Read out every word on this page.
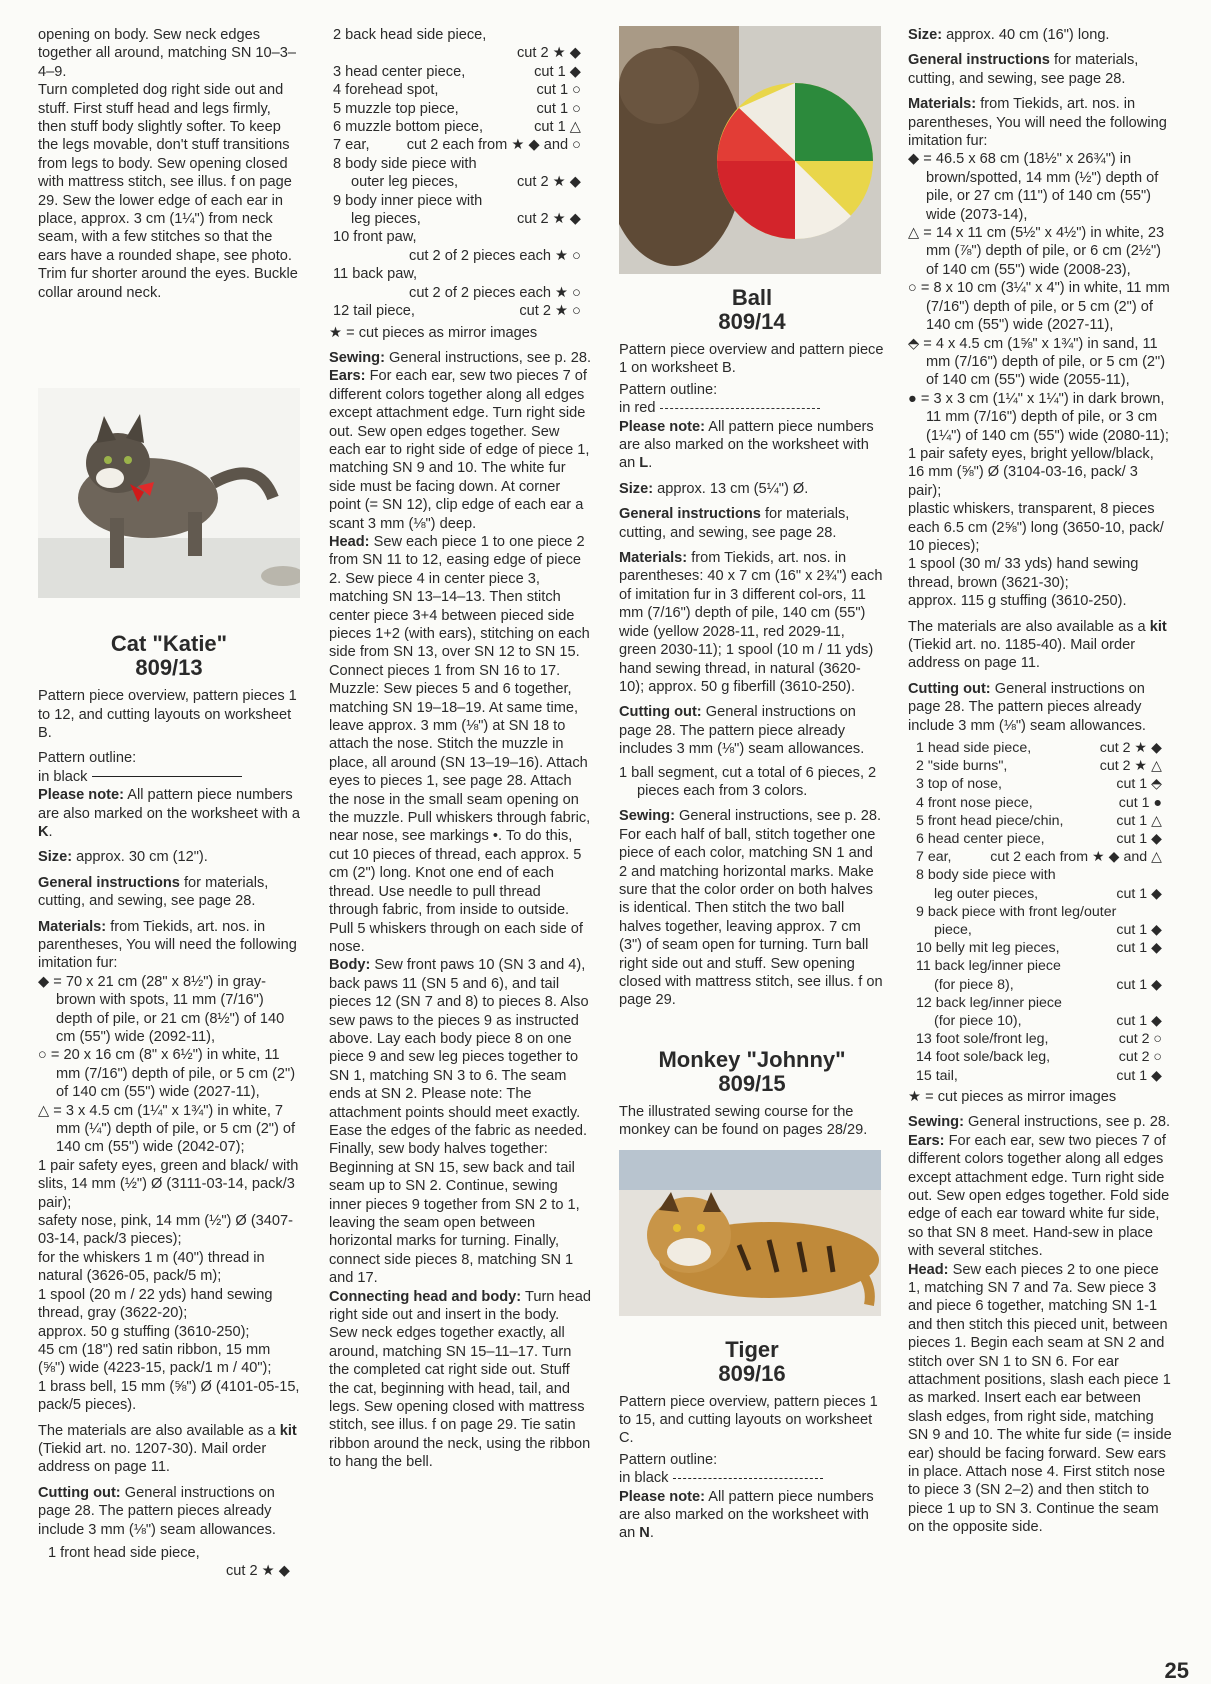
opening on body. Sew neck edges together all around, matching SN 10–3–4–9.

Turn completed dog right side out and stuff. First stuff head and legs firmly, then stuff body slightly softer. To keep the legs movable, don't stuff transitions from legs to body. Sew opening closed with mattress stitch, see illus. f on page 29. Sew the lower edge of each ear in place, approx. 3 cm (1¼") from neck seam, with a few stitches so that the ears have a rounded shape, see photo. Trim fur shorter around the eyes. Buckle collar around neck.

Cat "Katie"

809/13

Pattern piece overview, pattern pieces 1 to 12, and cutting layouts on worksheet B.

Pattern outline:

in black

Please note: All pattern piece numbers are also marked on the worksheet with a K.

Size: approx. 30 cm (12").

General instructions for materials, cutting, and sewing, see page 28.

Materials: from Tiekids, art. nos. in parentheses, You will need the following imitation fur:

◆ = 70 x 21 cm (28" x 8½") in gray-brown with spots, 11 mm (7/16") depth of pile, or 21 cm (8½") of 140 cm (55") wide (2092-11),

○ = 20 x 16 cm (8" x 6½") in white, 11 mm (7/16") depth of pile, or 5 cm (2") of 140 cm (55") wide (2027-11),

△ = 3 x 4.5 cm (1¼" x 1¾") in white, 7 mm (¼") depth of pile, or 5 cm (2") of 140 cm (55") wide (2042-07);

1 pair safety eyes, green and black/ with slits, 14 mm (½") Ø (3111-03-14, pack/3 pair);

safety nose, pink, 14 mm (½") Ø (3407-03-14, pack/3 pieces);

for the whiskers 1 m (40") thread in natural (3626-05, pack/5 m);

1 spool (20 m / 22 yds) hand sewing thread, gray (3622-20);

approx. 50 g stuffing (3610-250);

45 cm (18") red satin ribbon, 15 mm (⅝") wide (4223-15, pack/1 m / 40");

1 brass bell, 15 mm (⅝") Ø (4101-05-15, pack/5 pieces).

The materials are also available as a kit (Tiekid art. no. 1207-30). Mail order address on page 11.

Cutting out: General instructions on page 28. The pattern pieces already include 3 mm (⅛") seam allowances.

1 front head side piece,

cut 2 ★ ◆

2 back head side piece,
cut 2 ★ ◆
3 head center piece,	cut 1 ◆
4 forehead spot,	cut 1 ○
5 muzzle top piece,	cut 1 ○
6 muzzle bottom piece,	cut 1 △
7 ear,	cut 2 each from ★ ◆ and ○
8 body side piece with
outer leg pieces,	cut 2 ★ ◆
9 body inner piece with
leg pieces,	cut 2 ★ ◆
10 front paw,
cut 2 of 2 pieces each ★ ○
11 back paw,
cut 2 of 2 pieces each ★ ○
12 tail piece,	cut 2 ★ ○

★ = cut pieces as mirror images

Sewing: General instructions, see p. 28.

Ears: For each ear, sew two pieces 7 of different colors together along all edges except attachment edge. Turn right side out. Sew open edges together. Sew each ear to right side of edge of piece 1, matching SN 9 and 10. The white fur side must be facing down. At corner point (= SN 12), clip edge of each ear a scant 3 mm (⅛") deep.

Head: Sew each piece 1 to one piece 2 from SN 11 to 12, easing edge of piece 2. Sew piece 4 in center piece 3, matching SN 13–14–13. Then stitch center piece 3+4 between pieced side pieces 1+2 (with ears), stitching on each side from SN 13, over SN 12 to SN 15. Connect pieces 1 from SN 16 to 17. Muzzle: Sew pieces 5 and 6 together, matching SN 19–18–19. At same time, leave approx. 3 mm (⅛") at SN 18 to attach the nose. Stitch the muzzle in place, all around (SN 13–19–16). Attach eyes to pieces 1, see page 28. Attach the nose in the small seam opening on the muzzle. Pull whiskers through fabric, near nose, see markings •. To do this, cut 10 pieces of thread, each approx. 5 cm (2") long. Knot one end of each thread. Use needle to pull thread through fabric, from inside to outside. Pull 5 whiskers through on each side of nose.

Body: Sew front paws 10 (SN 3 and 4), back paws 11 (SN 5 and 6), and tail pieces 12 (SN 7 and 8) to pieces 8. Also sew paws to the pieces 9 as instructed above. Lay each body piece 8 on one piece 9 and sew leg pieces together to SN 1, matching SN 3 to 6. The seam ends at SN 2. Please note: The attachment points should meet exactly. Ease the edges of the fabric as needed. Finally, sew body halves together: Beginning at SN 15, sew back and tail seam up to SN 2. Continue, sewing inner pieces 9 together from SN 2 to 1, leaving the seam open between horizontal marks for turning. Finally, connect side pieces 8, matching SN 1 and 17.

Connecting head and body: Turn head right side out and insert in the body. Sew neck edges together exactly, all around, matching SN 15–11–17. Turn the completed cat right side out. Stuff the cat, beginning with head, tail, and legs. Sew opening closed with mattress stitch, see illus. f on page 29. Tie satin ribbon around the neck, using the ribbon to hang the bell.

Ball

809/14

Pattern piece overview and pattern piece 1 on worksheet B.

Pattern outline:

in red

Please note: All pattern piece numbers are also marked on the worksheet with an L.

Size: approx. 13 cm (5¼") Ø.

General instructions for materials, cutting, and sewing, see page 28.

Materials: from Tiekids, art. nos. in parentheses: 40 x 7 cm (16" x 2¾") each of imitation fur in 3 different col-ors, 11 mm (7/16") depth of pile, 140 cm (55") wide (yellow 2028-11, red 2029-11, green 2030-11); 1 spool (10 m / 11 yds) hand sewing thread, in natural (3620-10); approx. 50 g fiberfill (3610-250).

Cutting out: General instructions on page 28. The pattern piece already includes 3 mm (⅛") seam allowances.

1 ball segment, cut a total of 6 pieces, 2 pieces each from 3 colors.

Sewing: General instructions, see p. 28. For each half of ball, stitch together one piece of each color, matching SN 1 and 2 and matching horizontal marks. Make sure that the color order on both halves is identical. Then stitch the two ball halves together, leaving approx. 7 cm (3") of seam open for turning. Turn ball right side out and stuff. Sew opening closed with mattress stitch, see illus. f on page 29.

Monkey "Johnny"

809/15

The illustrated sewing course for the monkey can be found on pages 28/29.

Tiger

809/16

Pattern piece overview, pattern pieces 1 to 15, and cutting layouts on worksheet C.

Pattern outline:

in black

Please note: All pattern piece numbers are also marked on the worksheet with an N.

Size: approx. 40 cm (16") long.

General instructions for materials, cutting, and sewing, see page 28.

Materials: from Tiekids, art. nos. in parentheses, You will need the following imitation fur:

◆ = 46.5 x 68 cm (18½" x 26¾") in brown/spotted, 14 mm (½") depth of pile, or 27 cm (11") of 140 cm (55") wide (2073-14),

△ = 14 x 11 cm (5½" x 4½") in white, 23 mm (⅞") depth of pile, or 6 cm (2½") of 140 cm (55") wide (2008-23),

○ = 8 x 10 cm (3¼" x 4") in white, 11 mm (7/16") depth of pile, or 5 cm (2") of 140 cm (55") wide (2027-11),

⬘ = 4 x 4.5 cm (1⅝" x 1¾") in sand, 11 mm (7/16") depth of pile, or 5 cm (2") of 140 cm (55") wide (2055-11),

● = 3 x 3 cm (1¼" x 1¼") in dark brown, 11 mm (7/16") depth of pile, or 3 cm (1¼") of 140 cm (55") wide (2080-11);

1 pair safety eyes, bright yellow/black, 16 mm (⅝") Ø (3104-03-16, pack/ 3 pair);

plastic whiskers, transparent, 8 pieces each 6.5 cm (2⅝") long (3650-10, pack/ 10 pieces);

1 spool (30 m/ 33 yds) hand sewing thread, brown (3621-30);

approx. 115 g stuffing (3610-250).

The materials are also available as a kit (Tiekid art. no. 1185-40). Mail order address on page 11.

Cutting out: General instructions on page 28. The pattern pieces already include 3 mm (⅛") seam allowances.

1 head side piece,	cut 2 ★ ◆
2 "side burns",	cut 2 ★ △
3 top of nose,	cut 1 ⬘
4 front nose piece,	cut 1 ●
5 front head piece/chin,	cut 1 △
6 head center piece,	cut 1 ◆
7 ear,	cut 2 each from ★ ◆ and △
8 body side piece with
leg outer pieces,	cut 1 ◆
9 back piece with front leg/outer
piece,	cut 1 ◆
10 belly mit leg pieces,	cut 1 ◆
11 back leg/inner piece
(for piece 8),	cut 1 ◆
12 back leg/inner piece
(for piece 10),	cut 1 ◆
13 foot sole/front leg,	cut 2 ○
14 foot sole/back leg,	cut 2 ○
15 tail,	cut 1 ◆

★ = cut pieces as mirror images

Sewing: General instructions, see p. 28.

Ears: For each ear, sew two pieces 7 of different colors together along all edges except attachment edge. Turn right side out. Sew open edges together. Fold side edge of each ear toward white fur side, so that SN 8 meet. Hand-sew in place with several stitches.

Head: Sew each pieces 2 to one piece 1, matching SN 7 and 7a. Sew piece 3 and piece 6 together, matching SN 1-1 and then stitch this pieced unit, between pieces 1. Begin each seam at SN 2 and stitch over SN 1 to SN 6. For ear attachment positions, slash each piece 1 as marked. Insert each ear between slash edges, from right side, matching SN 9 and 10. The white fur side (= inside ear) should be facing forward. Sew ears in place. Attach nose 4. First stitch nose to piece 3 (SN 2–2) and then stitch to piece 1 up to SN 3. Continue the seam on the opposite side.

25
